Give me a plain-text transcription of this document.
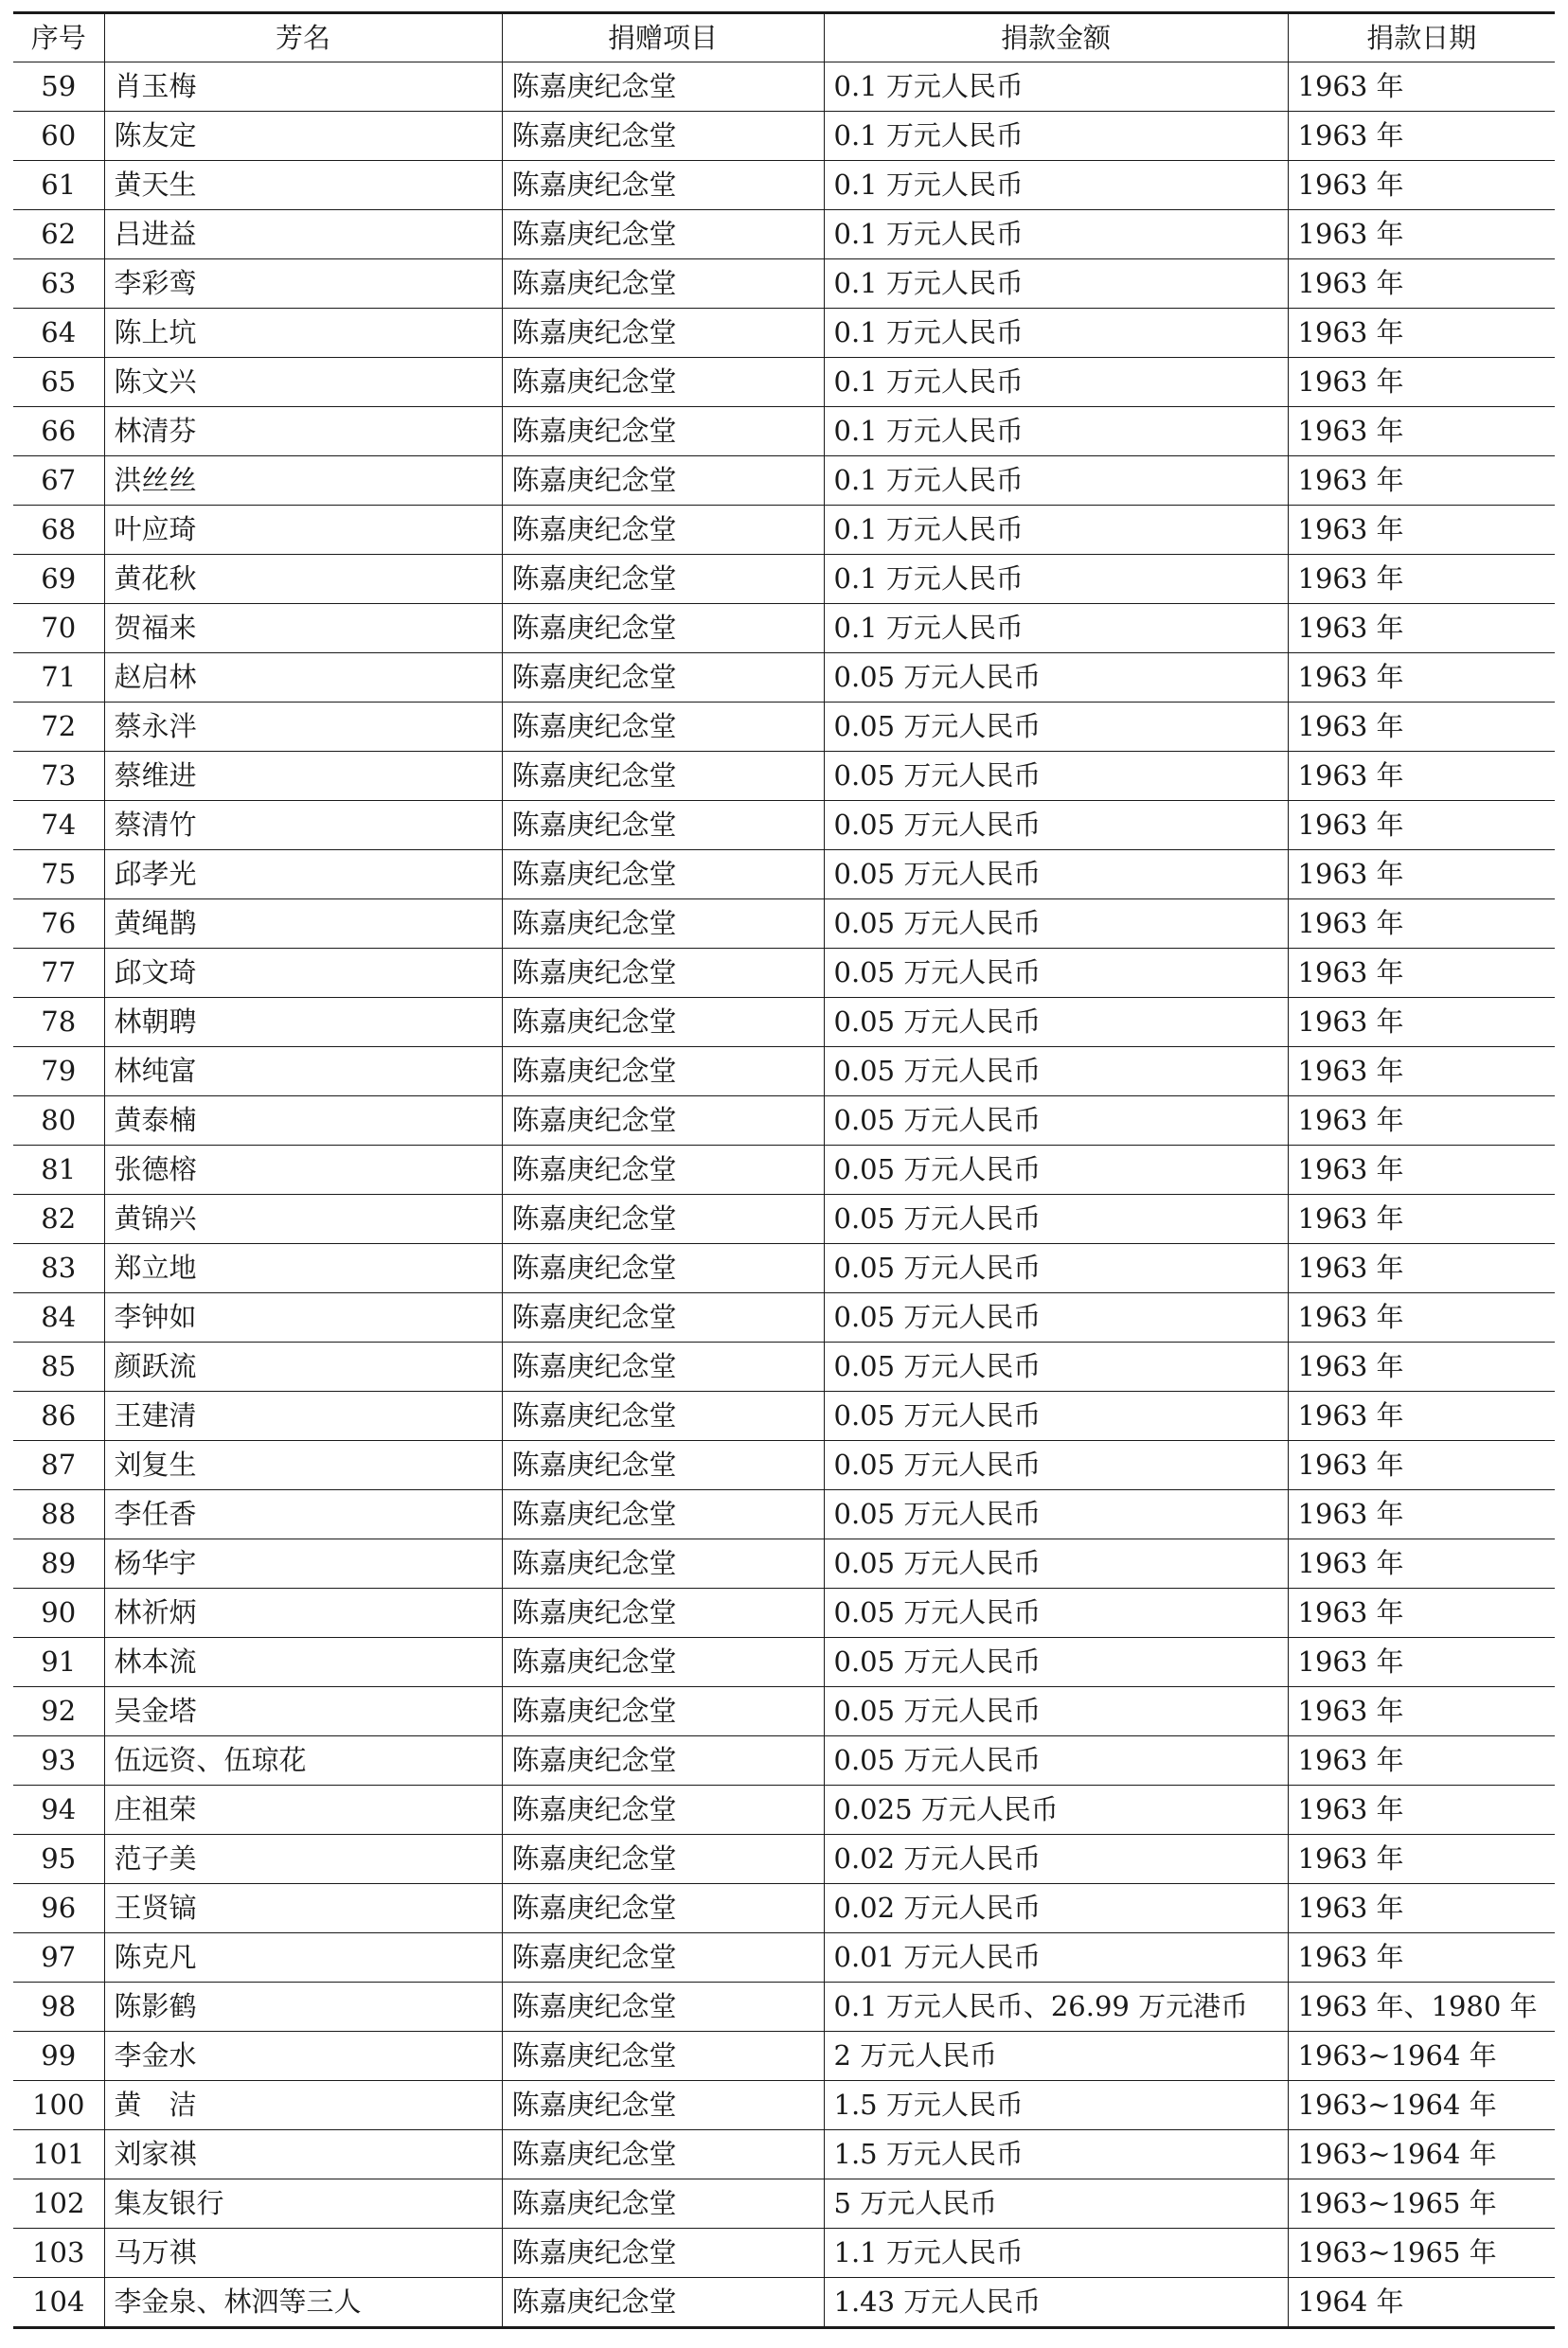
序号	芳名	捐赠项目	捐款金额	捐款日期
59	肖玉梅	陈嘉庚纪念堂	0.1 万元人民币	1963 年
60	陈友定	陈嘉庚纪念堂	0.1 万元人民币	1963 年
61	黄天生	陈嘉庚纪念堂	0.1 万元人民币	1963 年
62	吕进益	陈嘉庚纪念堂	0.1 万元人民币	1963 年
63	李彩鸾	陈嘉庚纪念堂	0.1 万元人民币	1963 年
64	陈上坑	陈嘉庚纪念堂	0.1 万元人民币	1963 年
65	陈文兴	陈嘉庚纪念堂	0.1 万元人民币	1963 年
66	林清芬	陈嘉庚纪念堂	0.1 万元人民币	1963 年
67	洪丝丝	陈嘉庚纪念堂	0.1 万元人民币	1963 年
68	叶应琦	陈嘉庚纪念堂	0.1 万元人民币	1963 年
69	黄花秋	陈嘉庚纪念堂	0.1 万元人民币	1963 年
70	贺福来	陈嘉庚纪念堂	0.1 万元人民币	1963 年
71	赵启林	陈嘉庚纪念堂	0.05 万元人民币	1963 年
72	蔡永泮	陈嘉庚纪念堂	0.05 万元人民币	1963 年
73	蔡维进	陈嘉庚纪念堂	0.05 万元人民币	1963 年
74	蔡清竹	陈嘉庚纪念堂	0.05 万元人民币	1963 年
75	邱孝光	陈嘉庚纪念堂	0.05 万元人民币	1963 年
76	黄绳鹊	陈嘉庚纪念堂	0.05 万元人民币	1963 年
77	邱文琦	陈嘉庚纪念堂	0.05 万元人民币	1963 年
78	林朝聘	陈嘉庚纪念堂	0.05 万元人民币	1963 年
79	林纯富	陈嘉庚纪念堂	0.05 万元人民币	1963 年
80	黄泰楠	陈嘉庚纪念堂	0.05 万元人民币	1963 年
81	张德榕	陈嘉庚纪念堂	0.05 万元人民币	1963 年
82	黄锦兴	陈嘉庚纪念堂	0.05 万元人民币	1963 年
83	郑立地	陈嘉庚纪念堂	0.05 万元人民币	1963 年
84	李钟如	陈嘉庚纪念堂	0.05 万元人民币	1963 年
85	颜跃流	陈嘉庚纪念堂	0.05 万元人民币	1963 年
86	王建清	陈嘉庚纪念堂	0.05 万元人民币	1963 年
87	刘复生	陈嘉庚纪念堂	0.05 万元人民币	1963 年
88	李任香	陈嘉庚纪念堂	0.05 万元人民币	1963 年
89	杨华宇	陈嘉庚纪念堂	0.05 万元人民币	1963 年
90	林祈炳	陈嘉庚纪念堂	0.05 万元人民币	1963 年
91	林本流	陈嘉庚纪念堂	0.05 万元人民币	1963 年
92	吴金塔	陈嘉庚纪念堂	0.05 万元人民币	1963 年
93	伍远资、伍琼花	陈嘉庚纪念堂	0.05 万元人民币	1963 年
94	庄祖荣	陈嘉庚纪念堂	0.025 万元人民币	1963 年
95	范子美	陈嘉庚纪念堂	0.02 万元人民币	1963 年
96	王贤镐	陈嘉庚纪念堂	0.02 万元人民币	1963 年
97	陈克凡	陈嘉庚纪念堂	0.01 万元人民币	1963 年
98	陈影鹤	陈嘉庚纪念堂	0.1 万元人民币、26.99 万元港币	1963 年、1980 年
99	李金水	陈嘉庚纪念堂	2 万元人民币	1963~1964 年
100	黄　洁	陈嘉庚纪念堂	1.5 万元人民币	1963~1964 年
101	刘家祺	陈嘉庚纪念堂	1.5 万元人民币	1963~1964 年
102	集友银行	陈嘉庚纪念堂	5 万元人民币	1963~1965 年
103	马万祺	陈嘉庚纪念堂	1.1 万元人民币	1963~1965 年
104	李金泉、林泗等三人	陈嘉庚纪念堂	1.43 万元人民币	1964 年
